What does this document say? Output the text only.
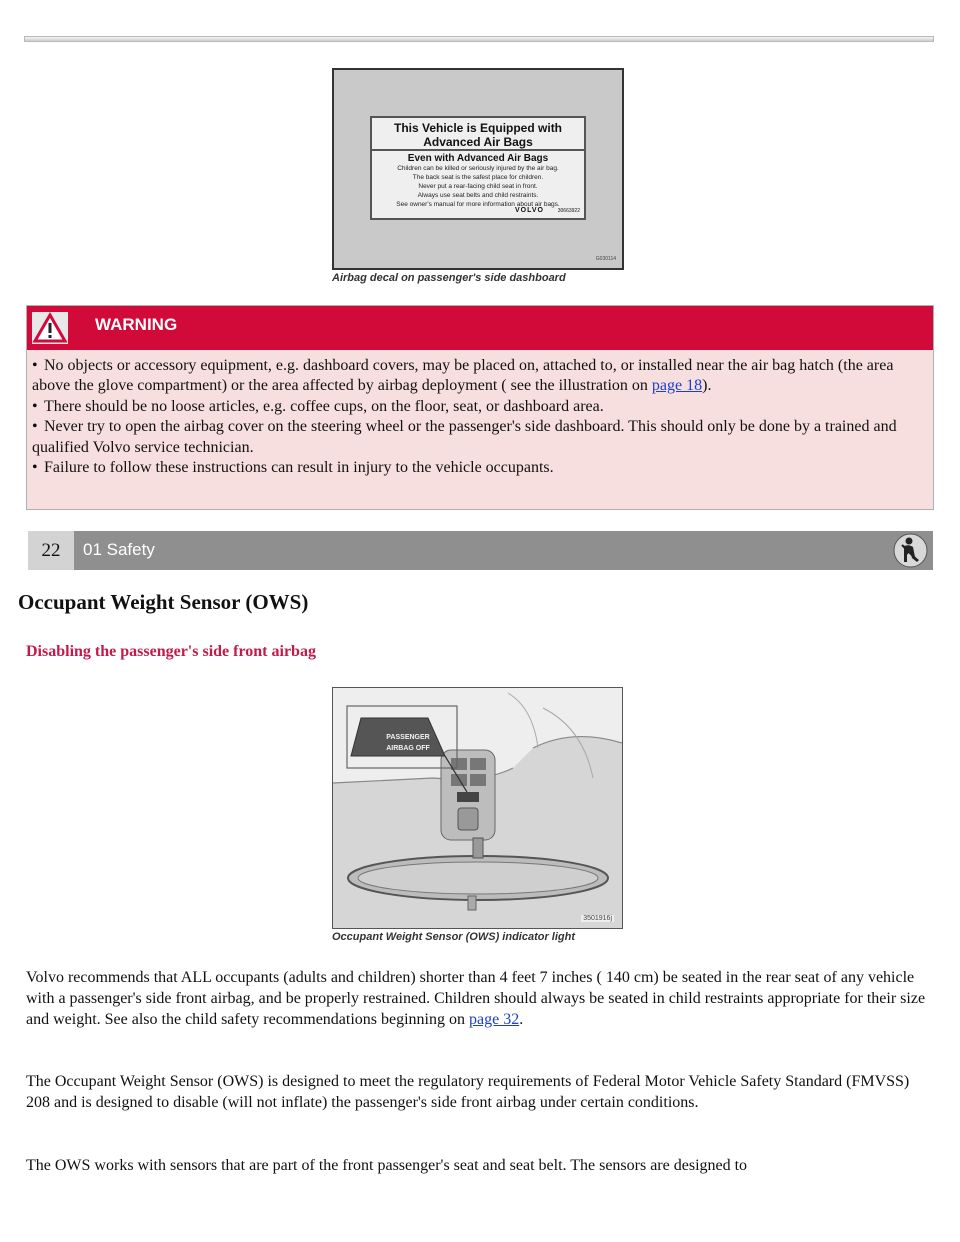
This Vehicle is Equipped with Advanced Air Bags
Even with Advanced Air Bags
Children can be killed or seriously injured by the air bag.
The back seat is the safest place for children.
Never put a rear-facing child seat in front.
Always use seat belts and child restraints.
See owner's manual for more information about air bags.
VOLVO	30663922
G030114
Airbag decal on passenger's side dashboard
WARNING
• No objects or accessory equipment, e.g. dashboard covers, may be placed on, attached to, or installed near the air bag hatch (the area above the glove compartment) or the area affected by airbag deployment ( see the illustration on page 18).
• There should be no loose articles, e.g. coffee cups, on the floor, seat, or dashboard area.
• Never try to open the airbag cover on the steering wheel or the passenger's side dashboard. This should only be done by a trained and qualified Volvo service technician.
• Failure to follow these instructions can result in injury to the vehicle occupants.
22	01 Safety
Occupant Weight Sensor (OWS)
Disabling the passenger's side front airbag
PASSENGER
AIRBAG OFF
3501916j
Occupant Weight Sensor (OWS) indicator light

Volvo recommends that ALL occupants (adults and children) shorter than 4 feet 7 inches ( 140 cm) be seated in the rear seat of any vehicle with a passenger's side front airbag, and be properly restrained. Children should always be seated in child restraints appropriate for their size and weight. See also the child safety recommendations beginning on page 32.

The Occupant Weight Sensor (OWS) is designed to meet the regulatory requirements of Federal Motor Vehicle Safety Standard (FMVSS) 208 and is designed to disable (will not inflate) the passenger's side front airbag under certain conditions.

The OWS works with sensors that are part of the front passenger's seat and seat belt. The sensors are designed to
